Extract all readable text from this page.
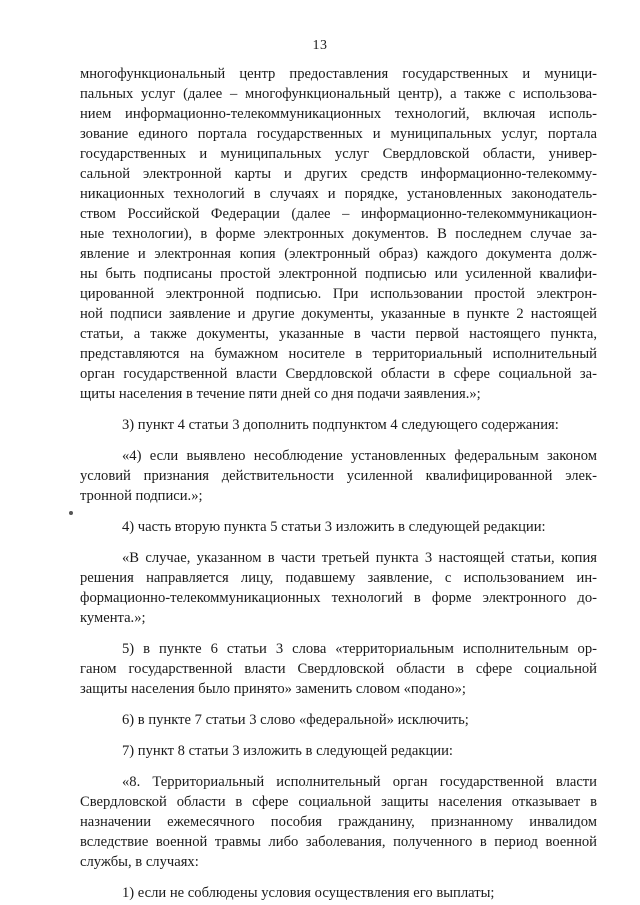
13
многофункциональный центр предоставления государственных и муници-
пальных услуг (далее – многофункциональный центр), а также с использова-
нием информационно-телекоммуникационных технологий, включая исполь-
зование единого портала государственных и муниципальных услуг, портала
государственных и муниципальных услуг Свердловской области, универ-
сальной электронной карты и других средств информационно-телекомму-
никационных технологий в случаях и порядке, установленных законодатель-
ством Российской Федерации (далее – информационно-телекоммуникацион-
ные технологии), в форме электронных документов. В последнем случае за-
явление и электронная копия (электронный образ) каждого документа долж-
ны быть подписаны простой электронной подписью или усиленной квалифи-
цированной электронной подписью. При использовании простой электрон-
ной подписи заявление и другие документы, указанные в пункте 2 настоящей
статьи, а также документы, указанные в части первой настоящего пункта,
представляются на бумажном носителе в территориальный исполнительный
орган государственной власти Свердловской области в сфере социальной за-
щиты населения в течение пяти дней со дня подачи заявления.»;
3) пункт 4 статьи 3 дополнить подпунктом 4 следующего содержания:
«4) если выявлено несоблюдение установленных федеральным законом
условий признания действительности усиленной квалифицированной элек-
тронной подписи.»;
4) часть вторую пункта 5 статьи 3 изложить в следующей редакции:
«В случае, указанном в части третьей пункта 3 настоящей статьи, копия
решения направляется лицу, подавшему заявление, с использованием ин-
формационно-телекоммуникационных технологий в форме электронного до-
кумента.»;
5) в пункте 6 статьи 3 слова «территориальным исполнительным ор-
ганом государственной власти Свердловской области в сфере социальной
защиты населения было принято» заменить словом «подано»;
6) в пункте 7 статьи 3 слово «федеральной» исключить;
7) пункт 8 статьи 3 изложить в следующей редакции:
«8. Территориальный исполнительный орган государственной власти
Свердловской области в сфере социальной защиты населения отказывает в
назначении ежемесячного пособия гражданину, признанному инвалидом
вследствие военной травмы либо заболевания, полученного в период военной
службы, в случаях:
1) если не соблюдены условия осуществления его выплаты;
